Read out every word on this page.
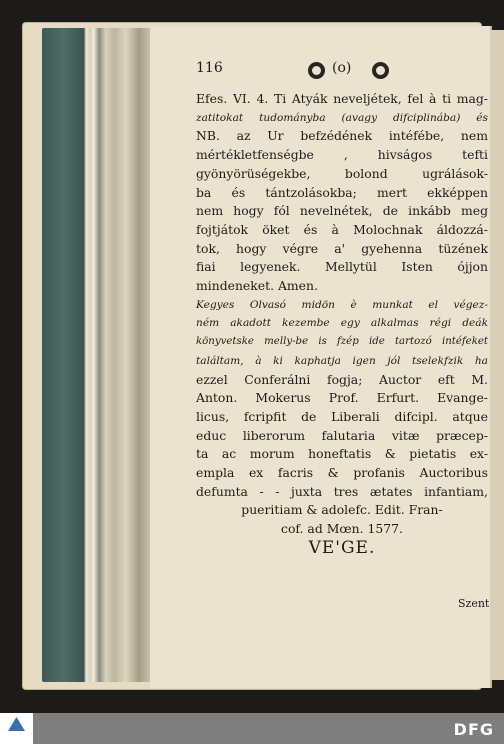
116	(o)
Efes. VI. 4. Ti Atyák neveljétek, fel à ti mag-
zatitokat tudományba (avagy difciplinába) és
NB. az Ur befzédének intéfébe, nem
mértékletfenségbe , hivságos tefti
gyönyörüségekbe, bolond ugrálások-
ba és tántzolásokba; mert ekképpen
nem hogy fól nevelnétek, de inkább meg
fojtjátok öket és à Molochnak áldozzá-
tok, hogy végre a' gyehenna tüzének
fiai legyenek. Mellytül Isten ójjon
mindeneket. Amen.
Kegyes Olvasó midön è munkat el végez-
ném akadott kezembe egy alkalmas régi deák
könyvetske melly-be is fzép ide tartozó intéfeket
találtam, à ki kaphatja igen jól tselekfzik ha
ezzel Conferálni fogja; Auctor eft M.
Anton. Mokerus Prof. Erfurt. Evange-
licus, fcripfit de Liberali difcipl. atque
educ liberorum falutaria vitæ præcep-
ta ac morum honeftatis & pietatis ex-
empla ex facris & profanis Auctoribus
defumta - - juxta tres ætates infantiam,
pueritiam & adolefc. Edit. Fran-
cof. ad Mœn. 1577.
VE'GE.
Szent
DFG
